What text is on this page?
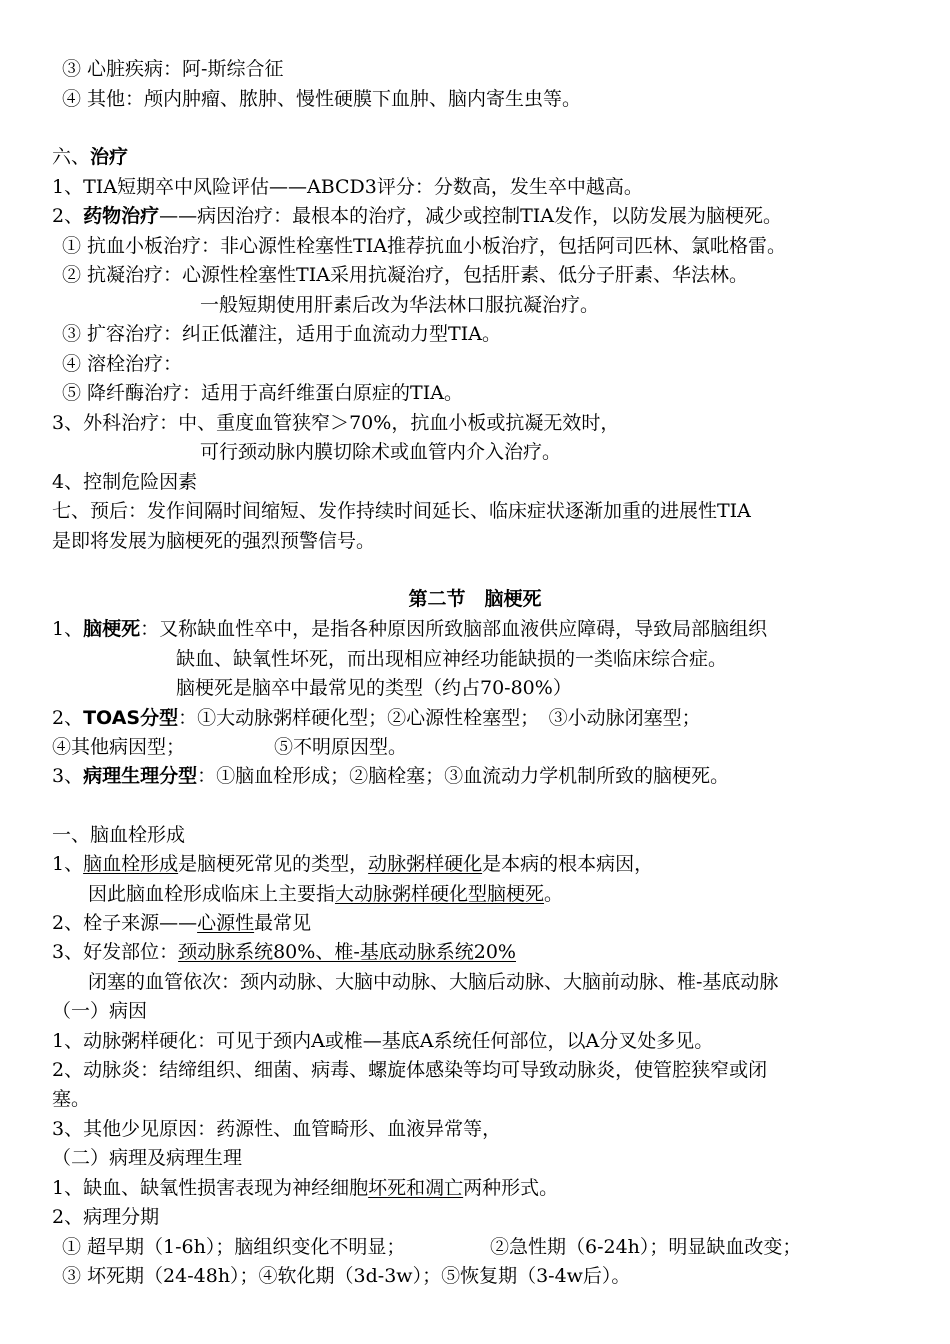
③ 心脏疾病：阿-斯综合征
④ 其他：颅内肿瘤、脓肿、慢性硬膜下血肿、脑内寄生虫等。
六、治疗
1、TIA短期卒中风险评估——ABCD3评分：分数高，发生卒中越高。
2、药物治疗——病因治疗：最根本的治疗，减少或控制TIA发作，以防发展为脑梗死。
① 抗血小板治疗：非心源性栓塞性TIA推荐抗血小板治疗，包括阿司匹林、氯吡格雷。
② 抗凝治疗：心源性栓塞性TIA采用抗凝治疗，包括肝素、低分子肝素、华法林。
一般短期使用肝素后改为华法林口服抗凝治疗。
③ 扩容治疗：纠正低灌注，适用于血流动力型TIA。
④ 溶栓治疗：
⑤ 降纤酶治疗：适用于高纤维蛋白原症的TIA。
3、外科治疗：中、重度血管狭窄＞70%，抗血小板或抗凝无效时，
可行颈动脉内膜切除术或血管内介入治疗。
4、控制危险因素
七、预后：发作间隔时间缩短、发作持续时间延长、临床症状逐渐加重的进展性TIA
是即将发展为脑梗死的强烈预警信号。
第二节　脑梗死
1、脑梗死：又称缺血性卒中，是指各种原因所致脑部血液供应障碍，导致局部脑组织
缺血、缺氧性坏死，而出现相应神经功能缺损的一类临床综合症。
脑梗死是脑卒中最常见的类型（约占70-80%）
2、TOAS分型：①大动脉粥样硬化型；②心源性栓塞型；　③小动脉闭塞型；
④其他病因型；	⑤不明原因型。
3、病理生理分型：①脑血栓形成；②脑栓塞；③血流动力学机制所致的脑梗死。
一、脑血栓形成
1、脑血栓形成是脑梗死常见的类型，动脉粥样硬化是本病的根本病因，
因此脑血栓形成临床上主要指大动脉粥样硬化型脑梗死。
2、栓子来源——心源性最常见
3、好发部位：颈动脉系统80%、椎-基底动脉系统20%
闭塞的血管依次：颈内动脉、大脑中动脉、大脑后动脉、大脑前动脉、椎-基底动脉
（一）病因
1、动脉粥样硬化：可见于颈内A或椎—基底A系统任何部位，以A分叉处多见。
2、动脉炎：结缔组织、细菌、病毒、螺旋体感染等均可导致动脉炎，使管腔狭窄或闭
塞。
3、其他少见原因：药源性、血管畸形、血液异常等，
（二）病理及病理生理
1、缺血、缺氧性损害表现为神经细胞坏死和凋亡两种形式。
2、病理分期
① 超早期（1-6h）；脑组织变化不明显；	②急性期（6-24h）；明显缺血改变；
③ 坏死期（24-48h）；④软化期（3d-3w）；⑤恢复期（3-4w后）。
